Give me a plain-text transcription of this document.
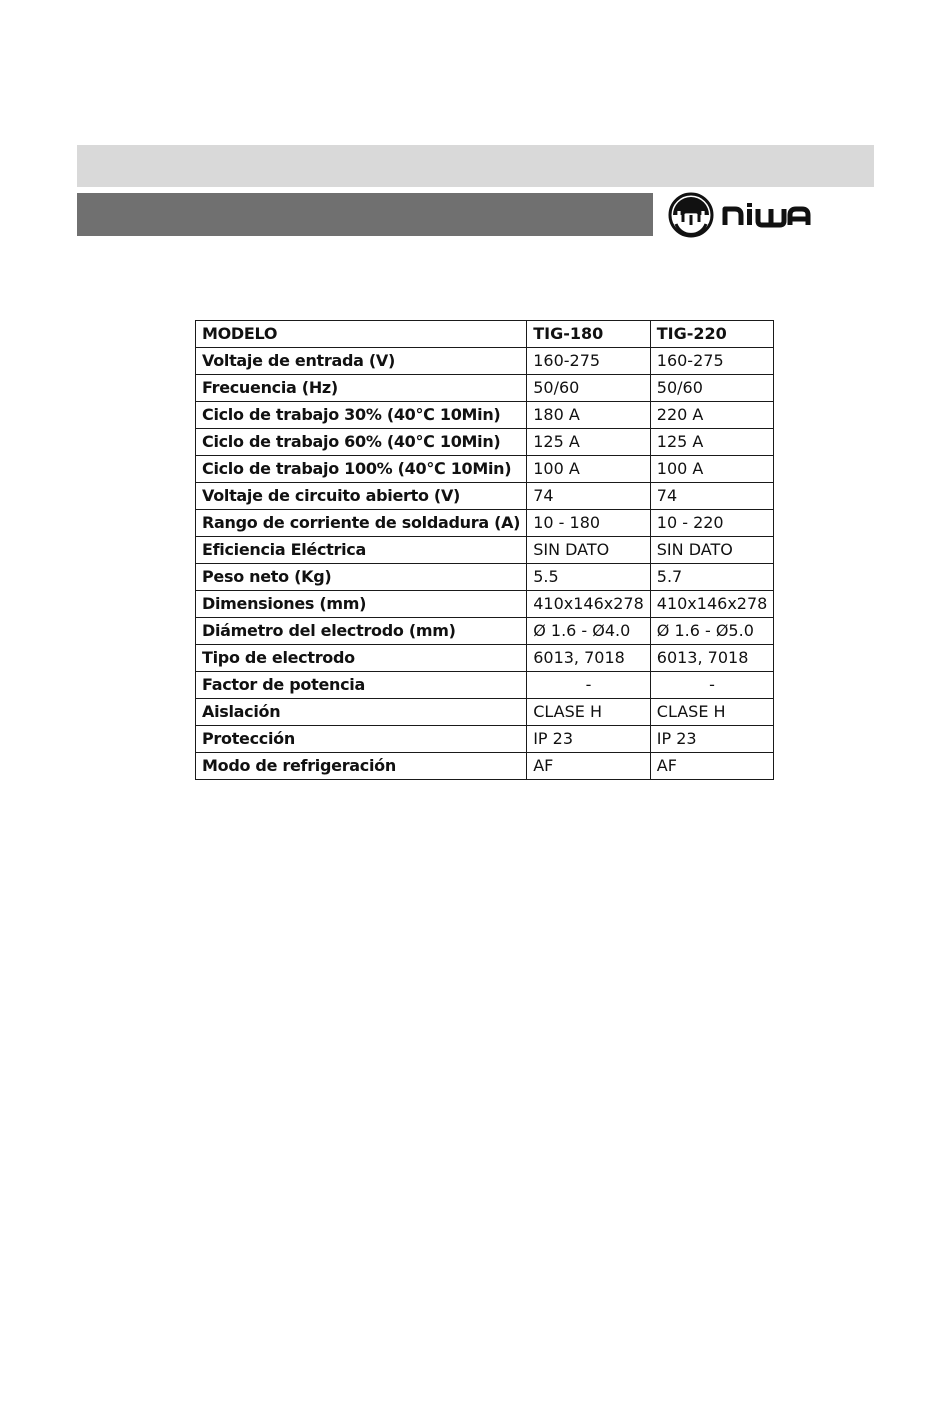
MODELO	TIG-180	TIG-220
Voltaje de entrada (V)	160-275	160-275
Frecuencia (Hz)	50/60	50/60
Ciclo de trabajo 30% (40℃ 10Min)	180 A	220 A
Ciclo de trabajo 60% (40℃ 10Min)	125 A	125 A
Ciclo de trabajo 100% (40℃ 10Min)	100 A	100 A
Voltaje de circuito abierto (V)	74	74
Rango de corriente de soldadura (A)	10 - 180	10 - 220
Eficiencia Eléctrica	SIN DATO	SIN DATO
Peso neto (Kg)	5.5	5.7
Dimensiones (mm)	410x146x278	410x146x278
Diámetro del electrodo (mm)	Ø 1.6 - Ø4.0	Ø 1.6 - Ø5.0
Tipo de electrodo	6013, 7018	6013, 7018
Factor de potencia	-	-
Aislación	CLASE H	CLASE H
Protección	IP 23	IP 23
Modo de refrigeración	AF	AF
